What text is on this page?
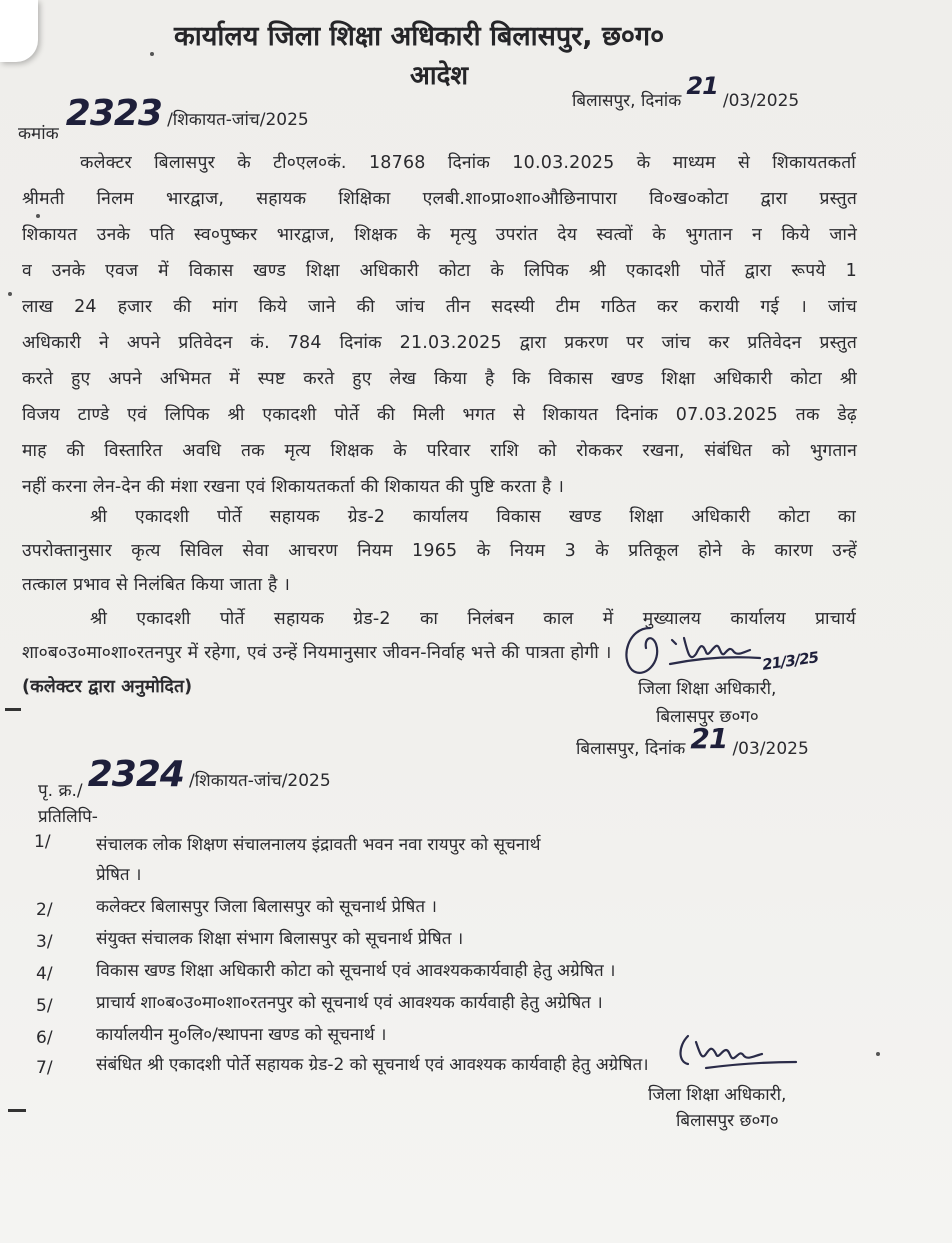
कार्यालय जिला शिक्षा अधिकारी बिलासपुर, छ०ग०
आदेश
कमांक 2323 /शिकायत-जांच/2025
बिलासपुर, दिनांक 21 /03/2025
कलेक्टर बिलासपुर के टी०एल०कं. 18768 दिनांक 10.03.2025 के माध्यम से शिकायतकर्ता
श्रीमती निलम भारद्वाज, सहायक शिक्षिका एलबी.शा०प्रा०शा०औछिनापारा वि०ख०कोटा द्वारा प्रस्तुत
शिकायत उनके पति स्व०पुष्कर भारद्वाज, शिक्षक के मृत्यु उपरांत देय स्वत्वों के भुगतान न किये जाने
व उनके एवज में विकास खण्ड शिक्षा अधिकारी कोटा के लिपिक श्री एकादशी पोर्ते द्वारा रूपये 1
लाख 24 हजार की मांग किये जाने की जांच तीन सदस्यी टीम गठित कर करायी गई । जांच
अधिकारी ने अपने प्रतिवेदन कं. 784 दिनांक 21.03.2025 द्वारा प्रकरण पर जांच कर प्रतिवेदन प्रस्तुत
करते हुए अपने अभिमत में स्पष्ट करते हुए लेख किया है कि विकास खण्ड शिक्षा अधिकारी कोटा श्री
विजय टाण्डे एवं लिपिक श्री एकादशी पोर्ते की मिली भगत से शिकायत दिनांक 07.03.2025 तक डेढ़
माह की विस्तारित अवधि तक मृत्य शिक्षक के परिवार राशि को रोककर रखना, संबंधित को भुगतान
नहीं करना लेन-देन की मंशा रखना एवं शिकायतकर्ता की शिकायत की पुष्टि करता है ।
श्री एकादशी पोर्ते सहायक ग्रेड-2 कार्यालय विकास खण्ड शिक्षा अधिकारी कोटा का
उपरोक्तानुसार कृत्य सिविल सेवा आचरण नियम 1965 के नियम 3 के प्रतिकूल होने के कारण उन्हें
तत्काल प्रभाव से निलंबित किया जाता है ।
श्री एकादशी पोर्ते सहायक ग्रेड-2 का निलंबन काल में मुख्यालय कार्यालय प्राचार्य
शा०ब०उ०मा०शा०रतनपुर में रहेगा, एवं उन्हें नियमानुसार जीवन-निर्वाह भत्ते की पात्रता होगी ।
(कलेक्टर द्वारा अनुमोदित)
21/3/25
जिला शिक्षा अधिकारी,
बिलासपुर छ०ग०
बिलासपुर, दिनांक 21 /03/2025
पृ. क्र./ 2324 /शिकायत-जांच/2025
प्रतिलिपि-
1/	संचालक लोक शिक्षण संचालनालय इंद्रावती भवन नवा रायपुर को सूचनार्थ
प्रेषित ।
2/	कलेक्टर बिलासपुर जिला बिलासपुर को सूचनार्थ प्रेषित ।
3/	संयुक्त संचालक शिक्षा संभाग बिलासपुर को सूचनार्थ प्रेषित ।
4/	विकास खण्ड शिक्षा अधिकारी कोटा को सूचनार्थ एवं आवश्यककार्यवाही हेतु अग्रेषित ।
5/	प्राचार्य शा०ब०उ०मा०शा०रतनपुर को सूचनार्थ एवं आवश्यक कार्यवाही हेतु अग्रेषित ।
6/	कार्यालयीन मु०लि०/स्थापना खण्ड को सूचनार्थ ।
7/	संबंधित श्री एकादशी पोर्ते सहायक ग्रेड-2 को सूचनार्थ एवं आवश्यक कार्यवाही हेतु अग्रेषित।
जिला शिक्षा अधिकारी,
बिलासपुर छ०ग०
